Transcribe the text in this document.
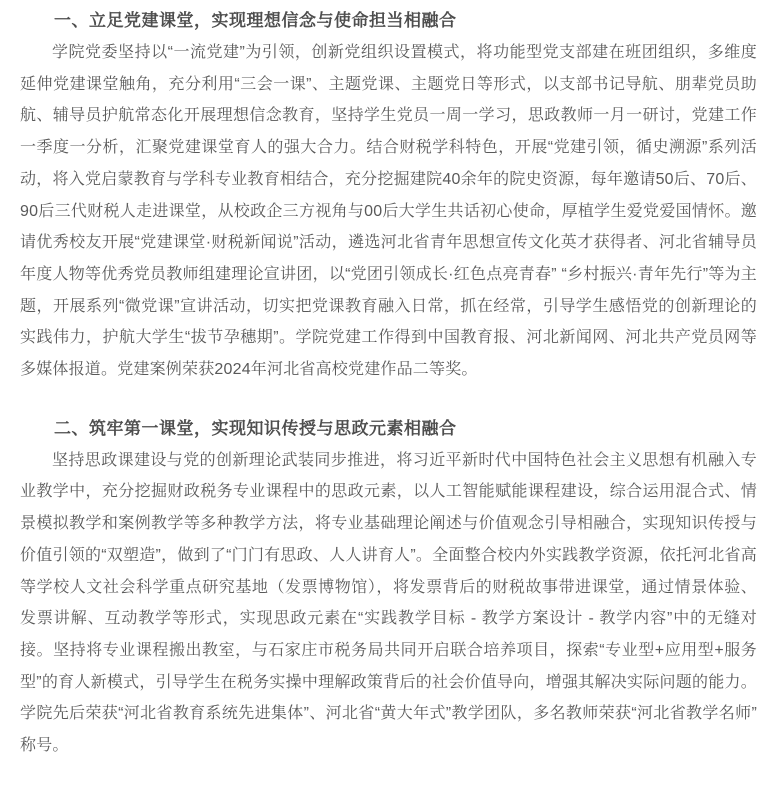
一、立足党建课堂，实现理想信念与使命担当相融合

学院党委坚持以“一流党建”为引领，创新党组织设置模式，将功能型党支部建在班团组织，多维度延伸党建课堂触角，充分利用“三会一课”、主题党课、主题党日等形式，以支部书记导航、朋辈党员助航、辅导员护航常态化开展理想信念教育，坚持学生党员一周一学习，思政教师一月一研讨，党建工作一季度一分析，汇聚党建课堂育人的强大合力。结合财税学科特色，开展“党建引领，循史溯源”系列活动，将入党启蒙教育与学科专业教育相结合，充分挖掘建院40余年的院史资源，每年邀请50后、70后、90后三代财税人走进课堂，从校政企三方视角与00后大学生共话初心使命，厚植学生爱党爱国情怀。邀请优秀校友开展“党建课堂·财税新闻说”活动，遴选河北省青年思想宣传文化英才获得者、河北省辅导员年度人物等优秀党员教师组建理论宣讲团，以“党团引领成长·红色点亮青春” “乡村振兴·青年先行”等为主题，开展系列“微党课”宣讲活动，切实把党课教育融入日常，抓在经常，引导学生感悟党的创新理论的实践伟力，护航大学生“拔节孕穗期”。学院党建工作得到中国教育报、河北新闻网、河北共产党员网等多媒体报道。党建案例荣获2024年河北省高校党建作品二等奖。

二、筑牢第一课堂，实现知识传授与思政元素相融合

坚持思政课建设与党的创新理论武装同步推进，将习近平新时代中国特色社会主义思想有机融入专业教学中，充分挖掘财政税务专业课程中的思政元素，以人工智能赋能课程建设，综合运用混合式、情景模拟教学和案例教学等多种教学方法，将专业基础理论阐述与价值观念引导相融合，实现知识传授与价值引领的“双塑造”，做到了“门门有思政、人人讲育人”。全面整合校内外实践教学资源，依托河北省高等学校人文社会科学重点研究基地（发票博物馆），将发票背后的财税故事带进课堂，通过情景体验、发票讲解、互动教学等形式，实现思政元素在“实践教学目标 - 教学方案设计 - 教学内容”中的无缝对接。坚持将专业课程搬出教室，与石家庄市税务局共同开启联合培养项目，探索“专业型+应用型+服务型”的育人新模式，引导学生在税务实操中理解政策背后的社会价值导向，增强其解决实际问题的能力。学院先后荣获“河北省教育系统先进集体”、河北省“黄大年式”教学团队，多名教师荣获“河北省教学名师”称号。
